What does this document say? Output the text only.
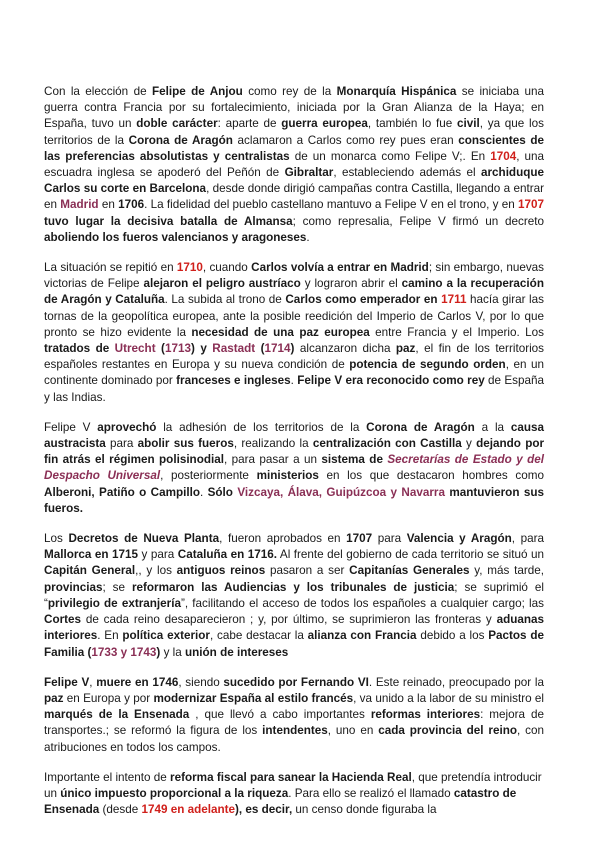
Con la elección de Felipe de Anjou como rey de la Monarquía Hispánica se iniciaba una guerra contra Francia por su fortalecimiento, iniciada por la Gran Alianza de la Haya; en España, tuvo un doble carácter: aparte de guerra europea, también lo fue civil, ya que los territorios de la Corona de Aragón aclamaron a Carlos como rey pues eran conscientes de las preferencias absolutistas y centralistas de un monarca como Felipe V;. En 1704, una escuadra inglesa se apoderó del Peñón de Gibraltar, estableciendo además el archiduque Carlos su corte en Barcelona, desde donde dirigió campañas contra Castilla, llegando a entrar en Madrid en 1706. La fidelidad del pueblo castellano mantuvo a Felipe V en el trono, y en 1707 tuvo lugar la decisiva batalla de Almansa; como represalia, Felipe V firmó un decreto aboliendo los fueros valencianos y aragoneses.

La situación se repitió en 1710, cuando Carlos volvía a entrar en Madrid; sin embargo, nuevas victorias de Felipe alejaron el peligro austríaco y lograron abrir el camino a la recuperación de Aragón y Cataluña. La subida al trono de Carlos como emperador en 1711 hacía girar las tornas de la geopolítica europea, ante la posible reedición del Imperio de Carlos V, por lo que pronto se hizo evidente la necesidad de una paz europea entre Francia y el Imperio. Los tratados de Utrecht (1713) y Rastadt (1714) alcanzaron dicha paz, el fin de los territorios españoles restantes en Europa y su nueva condición de potencia de segundo orden, en un continente dominado por franceses e ingleses. Felipe V era reconocido como rey de España y las Indias.

Felipe V aprovechó la adhesión de los territorios de la Corona de Aragón a la causa austracista para abolir sus fueros, realizando la centralización con Castilla y dejando por fin atrás el régimen polisinodial, para pasar a un sistema de Secretarías de Estado y del Despacho Universal, posteriormente ministerios en los que destacaron hombres como Alberoni, Patiño o Campillo. Sólo Vizcaya, Álava, Guipúzcoa y Navarra mantuvieron sus fueros.

Los Decretos de Nueva Planta, fueron aprobados en 1707 para Valencia y Aragón, para Mallorca en 1715 y para Cataluña en 1716. Al frente del gobierno de cada territorio se situó un Capitán General,, y los antiguos reinos pasaron a ser Capitanías Generales y, más tarde, provincias; se reformaron las Audiencias y los tribunales de justicia; se suprimió el “privilegio de extranjería”, facilitando el acceso de todos los españoles a cualquier cargo; las Cortes de cada reino desaparecieron ; y, por último, se suprimieron las fronteras y aduanas interiores. En política exterior, cabe destacar la alianza con Francia debido a los Pactos de Familia (1733 y 1743) y la unión de intereses

Felipe V, muere en 1746, siendo sucedido por Fernando VI. Este reinado, preocupado por la paz en Europa y por modernizar España al estilo francés, va unido a la labor de su ministro el marqués de la Ensenada , que llevó a cabo importantes reformas interiores: mejora de transportes.; se reformó la figura de los intendentes, uno en cada provincia del reino, con atribuciones en todos los campos.

Importante el intento de reforma fiscal para sanear la Hacienda Real, que pretendía introducir un único impuesto proporcional a la riqueza. Para ello se realizó el llamado catastro de Ensenada (desde 1749 en adelante), es decir, un censo donde figuraba la
